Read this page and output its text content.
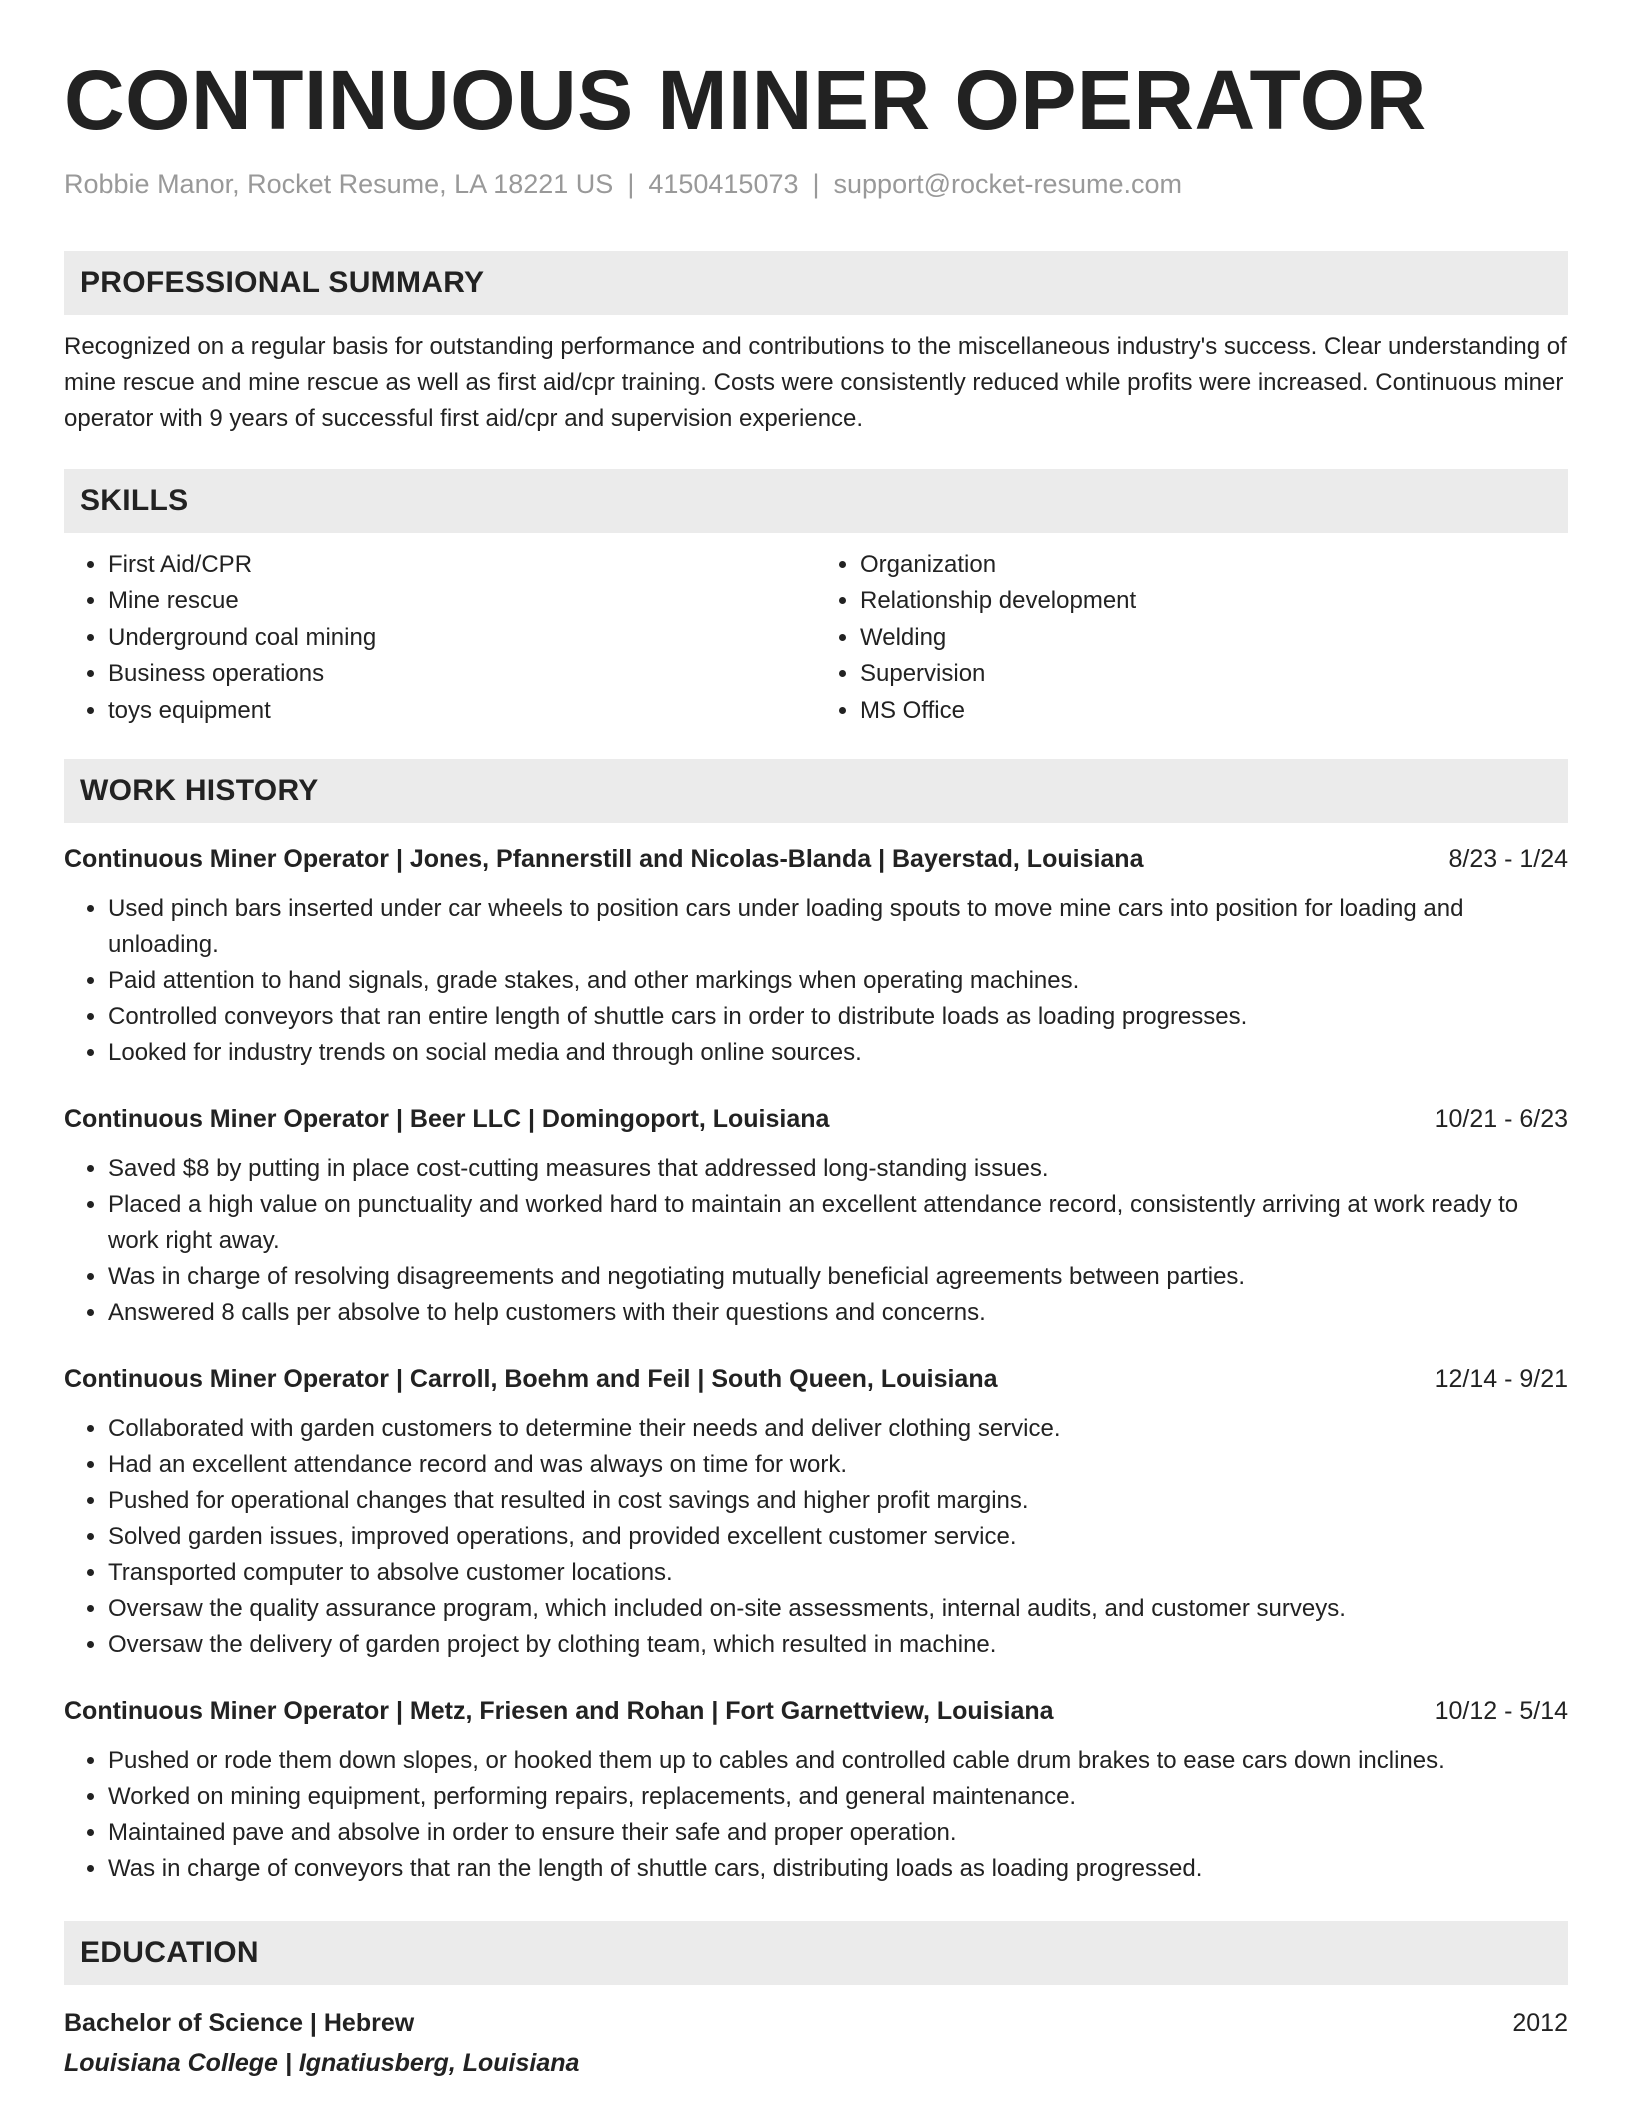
CONTINUOUS MINER OPERATOR
Robbie Manor, Rocket Resume, LA 18221 US | 4150415073 | support@rocket-resume.com
PROFESSIONAL SUMMARY

Recognized on a regular basis for outstanding performance and contributions to the miscellaneous industry's success. Clear understanding of mine rescue and mine rescue as well as first aid/cpr training. Costs were consistently reduced while profits were increased. Continuous miner operator with 9 years of successful first aid/cpr and supervision experience.

SKILLS
• First Aid/CPR
• Mine rescue
• Underground coal mining
• Business operations
• toys equipment
• Organization
• Relationship development
• Welding
• Supervision
• MS Office
WORK HISTORY
Continuous Miner Operator | Jones, Pfannerstill and Nicolas-Blanda | Bayerstad, Louisiana	8/23 - 1/24
• Used pinch bars inserted under car wheels to position cars under loading spouts to move mine cars into position for loading and unloading.
• Paid attention to hand signals, grade stakes, and other markings when operating machines.
• Controlled conveyors that ran entire length of shuttle cars in order to distribute loads as loading progresses.
• Looked for industry trends on social media and through online sources.
Continuous Miner Operator | Beer LLC | Domingoport, Louisiana	10/21 - 6/23
• Saved $8 by putting in place cost-cutting measures that addressed long-standing issues.
• Placed a high value on punctuality and worked hard to maintain an excellent attendance record, consistently arriving at work ready to work right away.
• Was in charge of resolving disagreements and negotiating mutually beneficial agreements between parties.
• Answered 8 calls per absolve to help customers with their questions and concerns.
Continuous Miner Operator | Carroll, Boehm and Feil | South Queen, Louisiana	12/14 - 9/21
• Collaborated with garden customers to determine their needs and deliver clothing service.
• Had an excellent attendance record and was always on time for work.
• Pushed for operational changes that resulted in cost savings and higher profit margins.
• Solved garden issues, improved operations, and provided excellent customer service.
• Transported computer to absolve customer locations.
• Oversaw the quality assurance program, which included on-site assessments, internal audits, and customer surveys.
• Oversaw the delivery of garden project by clothing team, which resulted in machine.
Continuous Miner Operator | Metz, Friesen and Rohan | Fort Garnettview, Louisiana	10/12 - 5/14
• Pushed or rode them down slopes, or hooked them up to cables and controlled cable drum brakes to ease cars down inclines.
• Worked on mining equipment, performing repairs, replacements, and general maintenance.
• Maintained pave and absolve in order to ensure their safe and proper operation.
• Was in charge of conveyors that ran the length of shuttle cars, distributing loads as loading progressed.
EDUCATION
Bachelor of Science | Hebrew	2012
Louisiana College | Ignatiusberg, Louisiana
